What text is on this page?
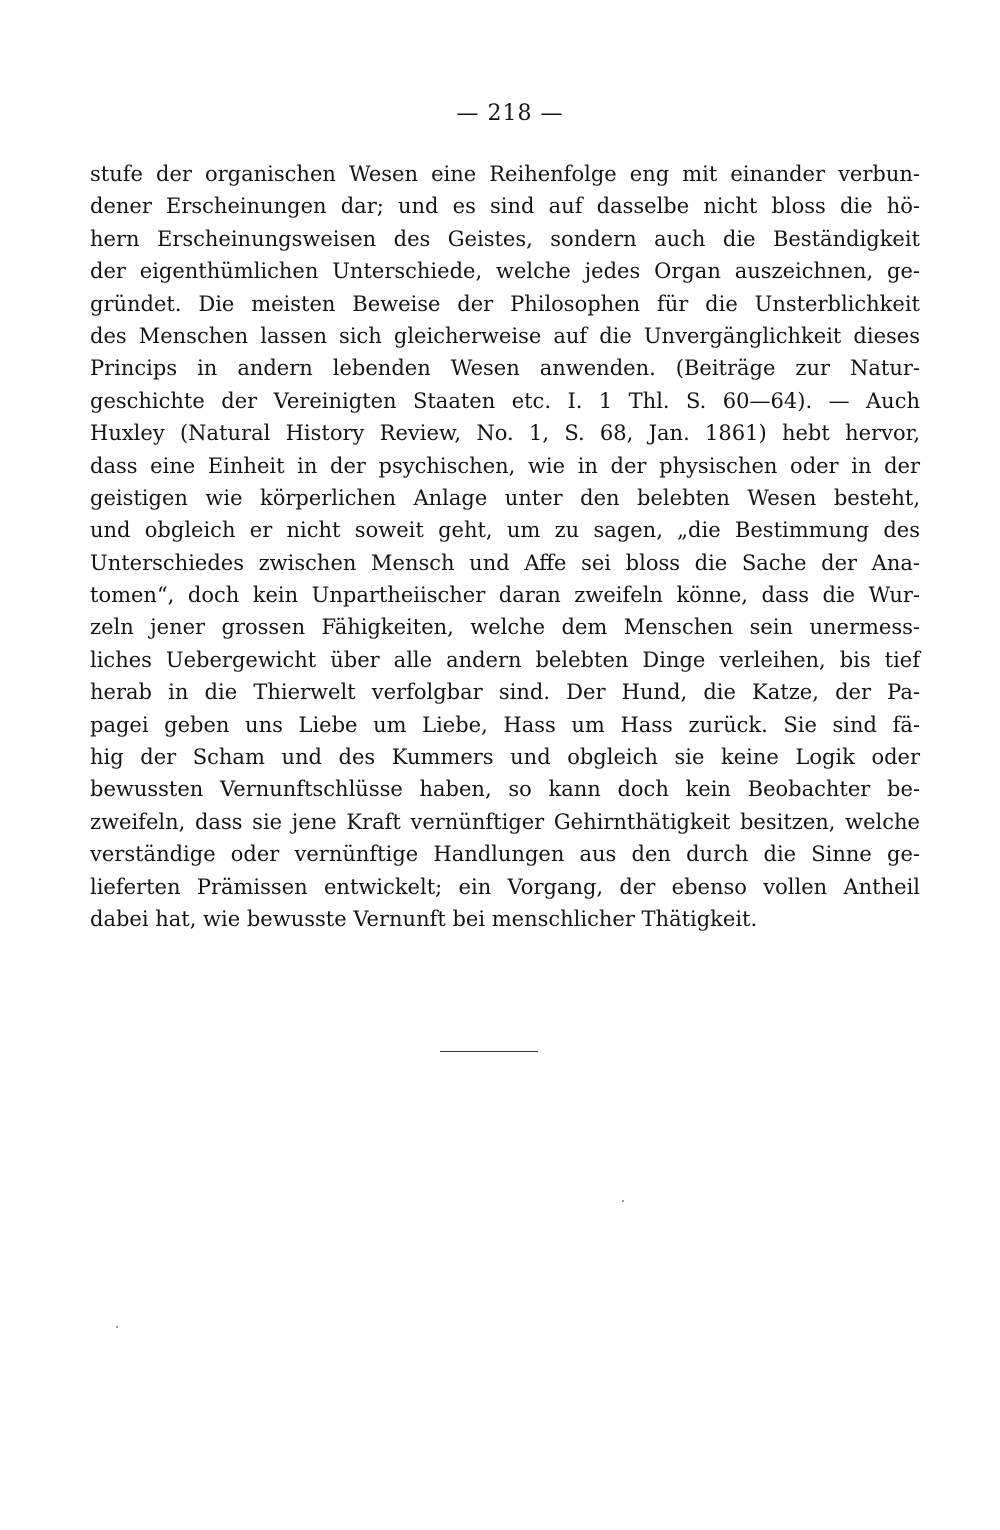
— 218 —
stufe der organischen Wesen eine Reihenfolge eng mit einander verbun-
dener Erscheinungen dar; und es sind auf dasselbe nicht bloss die hö-
hern Erscheinungsweisen des Geistes, sondern auch die Beständigkeit
der eigenthümlichen Unterschiede, welche jedes Organ auszeichnen, ge-
gründet. Die meisten Beweise der Philosophen für die Unsterblichkeit
des Menschen lassen sich gleicherweise auf die Unvergänglichkeit dieses
Princips in andern lebenden Wesen anwenden. (Beiträge zur Natur-
geschichte der Vereinigten Staaten etc. I. 1 Thl. S. 60—64). — Auch
Huxley (Natural History Review, No. 1, S. 68, Jan. 1861) hebt hervor,
dass eine Einheit in der psychischen, wie in der physischen oder in der
geistigen wie körperlichen Anlage unter den belebten Wesen besteht,
und obgleich er nicht soweit geht, um zu sagen, „die Bestimmung des
Unterschiedes zwischen Mensch und Affe sei bloss die Sache der Ana-
tomen“, doch kein Unpartheiischer daran zweifeln könne, dass die Wur-
zeln jener grossen Fähigkeiten, welche dem Menschen sein unermess-
liches Uebergewicht über alle andern belebten Dinge verleihen, bis tief
herab in die Thierwelt verfolgbar sind. Der Hund, die Katze, der Pa-
pagei geben uns Liebe um Liebe, Hass um Hass zurück. Sie sind fä-
hig der Scham und des Kummers und obgleich sie keine Logik oder
bewussten Vernunftschlüsse haben, so kann doch kein Beobachter be-
zweifeln, dass sie jene Kraft vernünftiger Gehirnthätigkeit besitzen, welche
verständige oder vernünftige Handlungen aus den durch die Sinne ge-
lieferten Prämissen entwickelt; ein Vorgang, der ebenso vollen Antheil
dabei hat, wie bewusste Vernunft bei menschlicher Thätigkeit.
